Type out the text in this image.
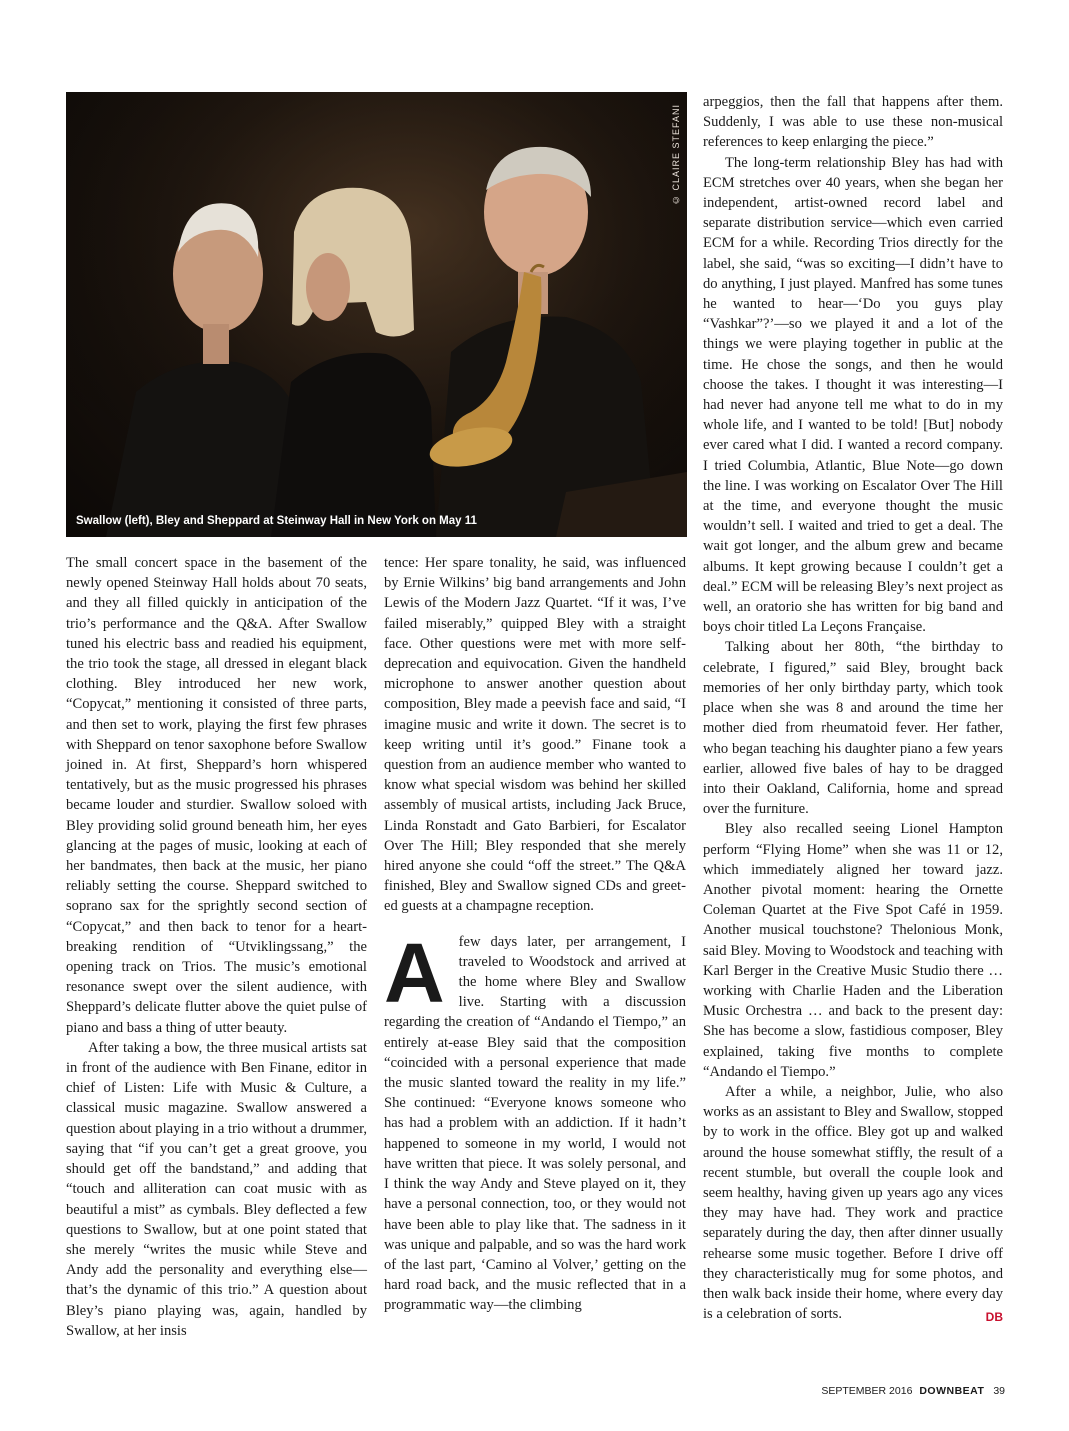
© CLAIRE STEFANI
Swallow (left), Bley and Sheppard at Steinway Hall in New York on May 11

The small concert space in the basement of the newly opened Steinway Hall holds about 70 seats, and they all filled quickly in anticipation of the trio’s performance and the Q&A. After Swallow tuned his electric bass and readied his equipment, the trio took the stage, all dressed in elegant black clothing. Bley introduced her new work, “Copycat,” mentioning it consisted of three parts, and then set to work, playing the first few phrases with Sheppard on tenor saxophone before Swallow joined in. At first, Sheppard’s horn whispered tentatively, but as the music progressed his phrases became louder and sturdier. Swallow soloed with Bley providing solid ground beneath him, her eyes glancing at the pages of music, looking at each of her bandmates, then back at the music, her piano reliably setting the course. Sheppard switched to soprano sax for the sprightly second section of “Copycat,” and then back to tenor for a heartbreaking rendition of “Utviklingssang,” the opening track on Trios. The music’s emotional resonance swept over the silent audience, with Sheppard’s delicate flutter above the quiet pulse of piano and bass a thing of utter beauty.

After taking a bow, the three musical artists sat in front of the audience with Ben Finane, editor in chief of Listen: Life with Music & Culture, a classical music magazine. Swallow answered a question about playing in a trio without a drummer, saying that “if you can’t get a great groove, you should get off the bandstand,” and adding that “touch and alliteration can coat music with as beautiful a mist” as cymbals. Bley deflected a few questions to Swallow, but at one point stated that she merely “writes the music while Steve and Andy add the personality and everything else—that’s the dynamic of this trio.” A question about Bley’s piano playing was, again, handled by Swallow, at her insis

tence: Her spare tonality, he said, was influenced by Ernie Wilkins’ big band arrangements and John Lewis of the Modern Jazz Quartet. “If it was, I’ve failed miserably,” quipped Bley with a straight face. Other questions were met with more self-deprecation and equivocation. Given the handheld microphone to answer another question about composition, Bley made a peevish face and said, “I imagine music and write it down. The secret is to keep writing until it’s good.” Finane took a question from an audience member who wanted to know what special wisdom was behind her skilled assembly of musical artists, including Jack Bruce, Linda Ronstadt and Gato Barbieri, for Escalator Over The Hill; Bley responded that she merely hired anyone she could “off the street.” The Q&A finished, Bley and Swallow signed CDs and greeted guests at a champagne reception.

Afew days later, per arrangement, I traveled to Woodstock and arrived at the home where Bley and Swallow live. Starting with a discussion regarding the creation of “Andando el Tiempo,” an entirely at-ease Bley said that the composition “coincided with a personal experience that made the music slanted toward the reality in my life.” She continued: “Everyone knows someone who has had a problem with an addiction. If it hadn’t happened to someone in my world, I would not have written that piece. It was solely personal, and I think the way Andy and Steve played on it, they have a personal connection, too, or they would not have been able to play like that. The sadness in it was unique and palpable, and so was the hard work of the last part, ‘Camino al Volver,’ getting on the hard road back, and the music reflected that in a programmatic way—the climbing

arpeggios, then the fall that happens after them. Suddenly, I was able to use these non-musical references to keep enlarging the piece.”

The long-term relationship Bley has had with ECM stretches over 40 years, when she began her independent, artist-owned record label and separate distribution service—which even carried ECM for a while. Recording Trios directly for the label, she said, “was so exciting—I didn’t have to do anything, I just played. Manfred has some tunes he wanted to hear—‘Do you guys play “Vashkar”?’—so we played it and a lot of the things we were playing together in public at the time. He chose the songs, and then he would choose the takes. I thought it was interesting—I had never had anyone tell me what to do in my whole life, and I wanted to be told! [But] nobody ever cared what I did. I wanted a record company. I tried Columbia, Atlantic, Blue Note—go down the line. I was working on Escalator Over The Hill at the time, and everyone thought the music wouldn’t sell. I waited and tried to get a deal. The wait got longer, and the album grew and became albums. It kept growing because I couldn’t get a deal.” ECM will be releasing Bley’s next project as well, an oratorio she has written for big band and boys choir titled La Leçons Française.

Talking about her 80th, “the birthday to celebrate, I figured,” said Bley, brought back memories of her only birthday party, which took place when she was 8 and around the time her mother died from rheumatoid fever. Her father, who began teaching his daughter piano a few years earlier, allowed five bales of hay to be dragged into their Oakland, California, home and spread over the furniture.

Bley also recalled seeing Lionel Hampton perform “Flying Home” when she was 11 or 12, which immediately aligned her toward jazz. Another pivotal moment: hearing the Ornette Coleman Quartet at the Five Spot Café in 1959. Another musical touchstone? Thelonious Monk, said Bley. Moving to Woodstock and teaching with Karl Berger in the Creative Music Studio there … working with Charlie Haden and the Liberation Music Orchestra … and back to the present day: She has become a slow, fastidious composer, Bley explained, taking five months to complete “Andando el Tiempo.”

After a while, a neighbor, Julie, who also works as an assistant to Bley and Swallow, stopped by to work in the office. Bley got up and walked around the house somewhat stiffly, the result of a recent stumble, but overall the couple look and seem healthy, having given up years ago any vices they may have had. They work and practice separately during the day, then after dinner usually rehearse some music together. Before I drive off they characteristically mug for some photos, and then walk back inside their home, where every day is a celebration of sorts.	DB

SEPTEMBER 2016 DOWNBEAT 39
